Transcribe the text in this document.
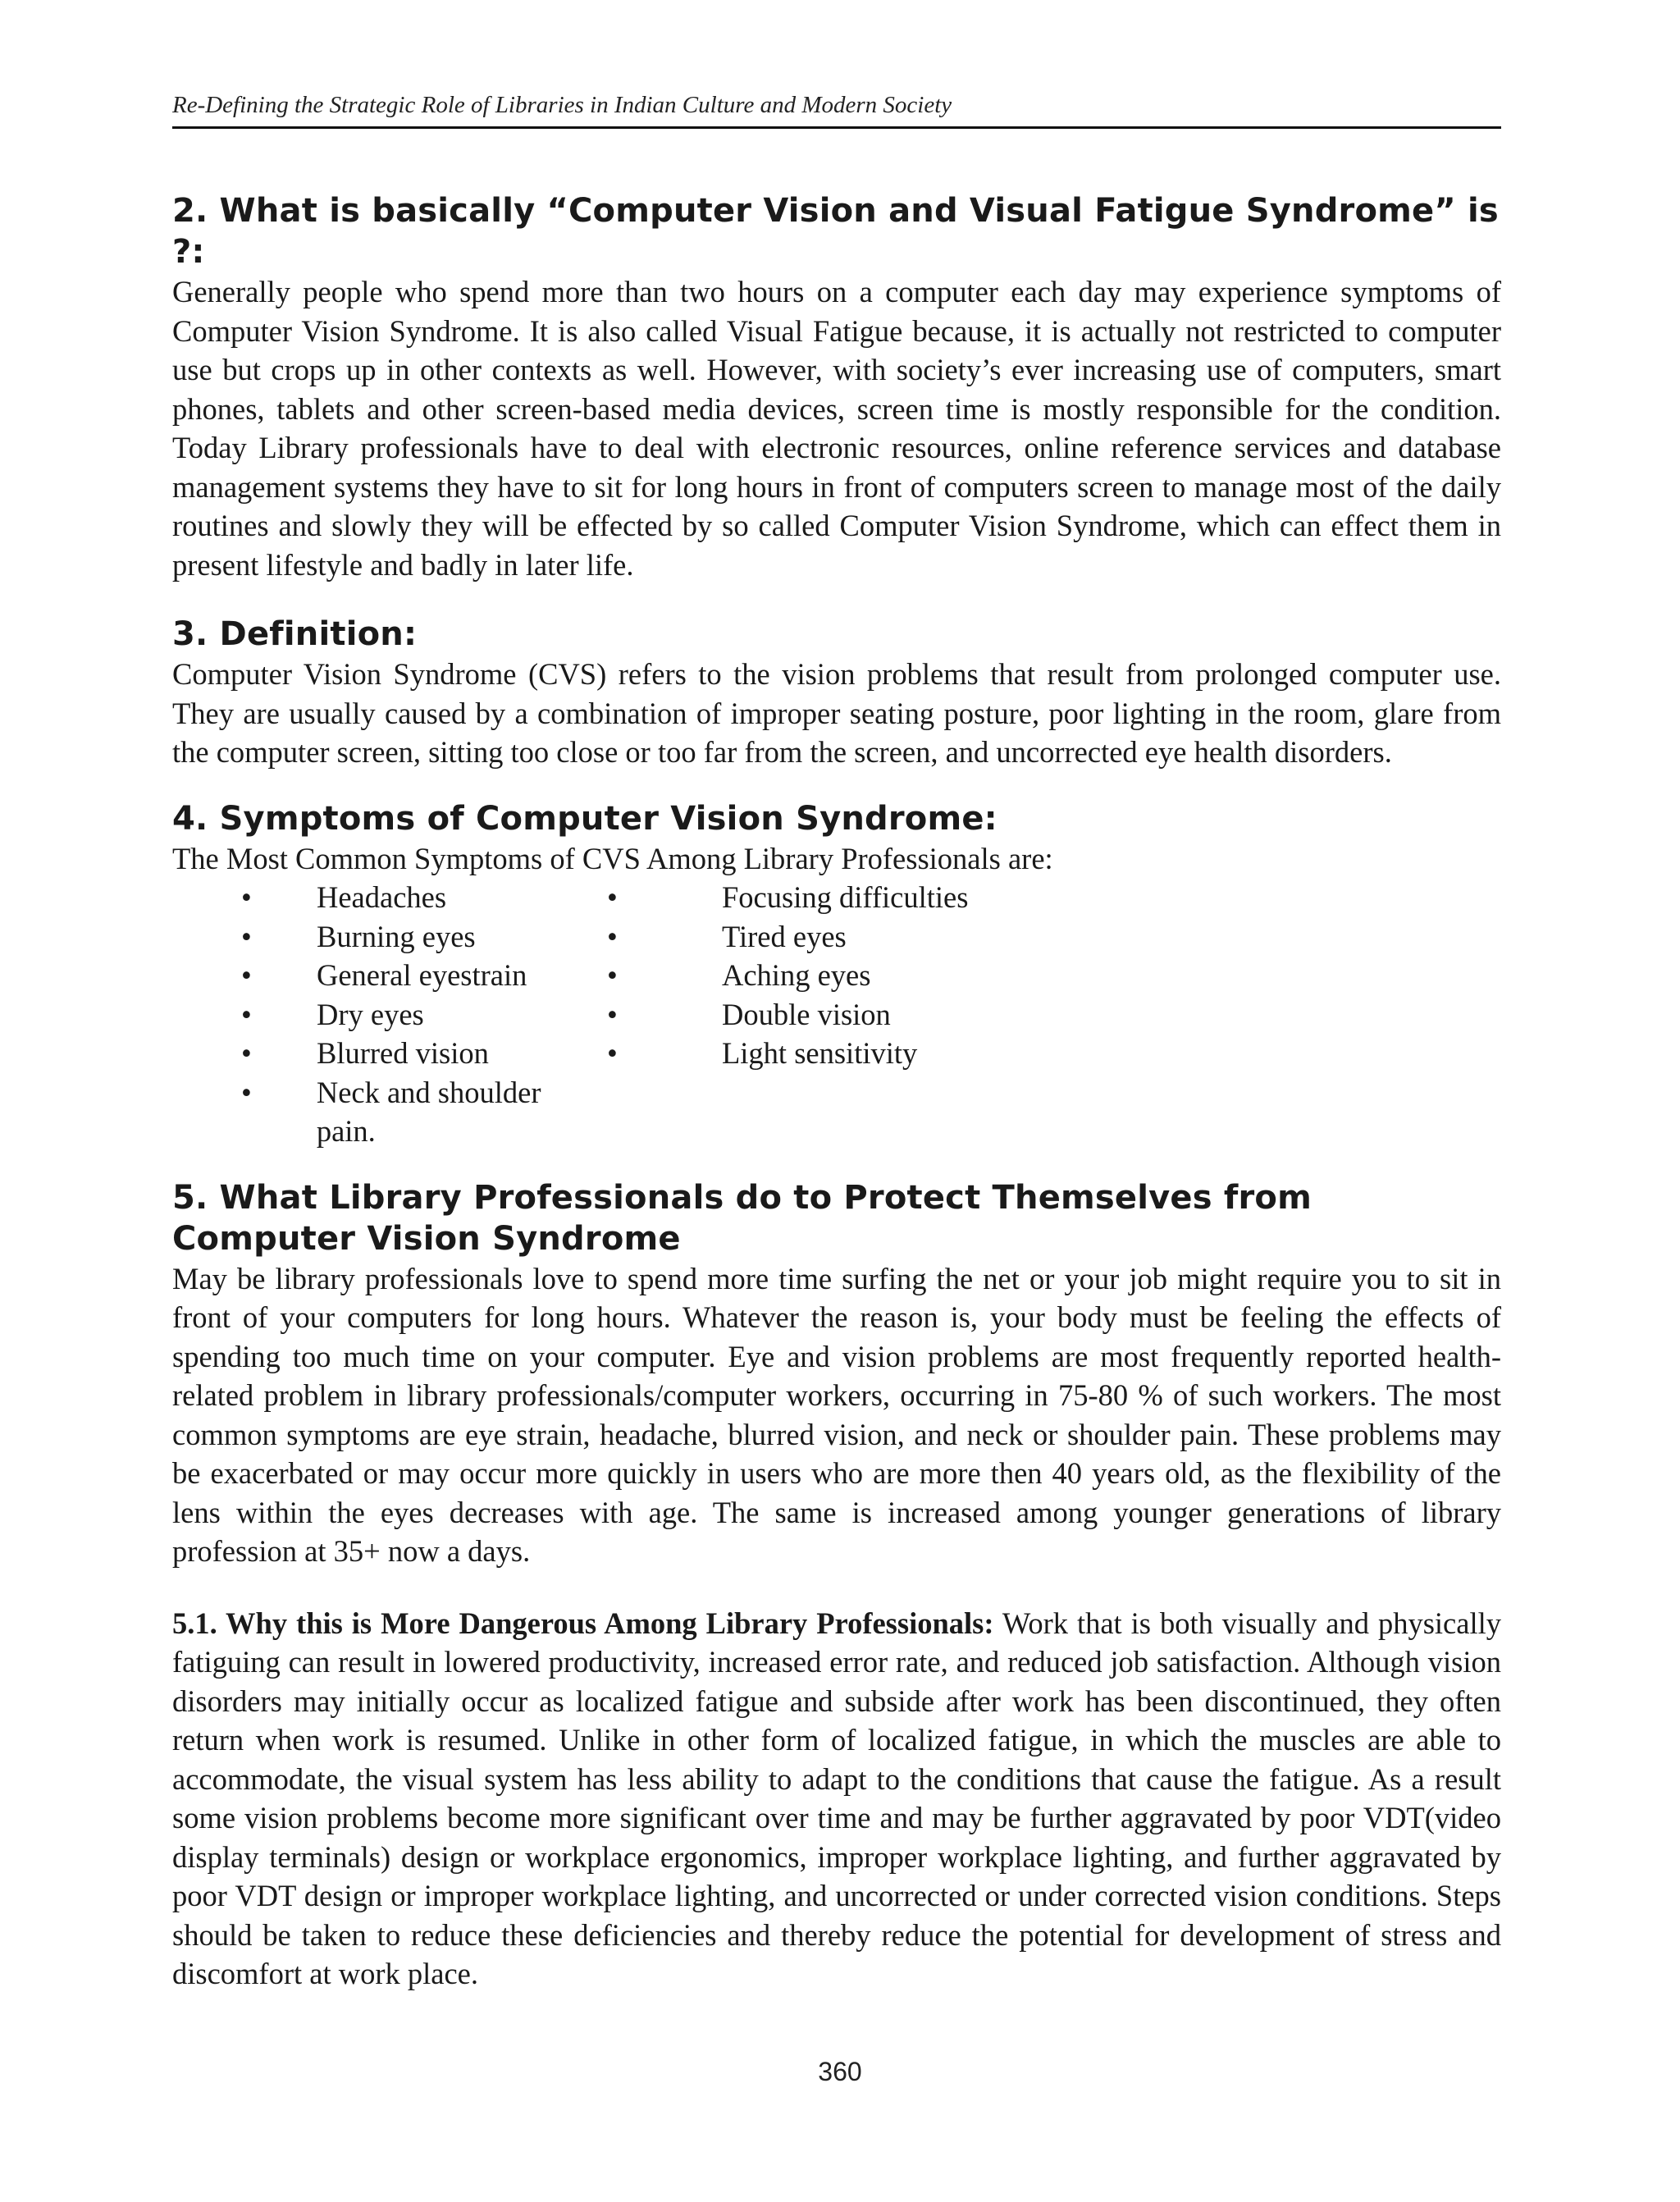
Re-Defining the Strategic Role of Libraries in Indian Culture and Modern Society
2. What is basically “Computer Vision and Visual Fatigue Syndrome” is ?:

Generally people who spend more than two hours on a computer each day may experience symptoms of Computer Vision Syndrome. It is also called Visual Fatigue because, it is actually not restricted to computer use but crops up in other contexts as well. However, with society’s ever increasing use of computers, smart phones, tablets and other screen-based media devices, screen time is mostly responsible for the condition. Today Library professionals have to deal with electronic resources, online reference services and database management systems they have to sit for long hours in front of computers screen to manage most of the daily routines and slowly they will be effected by so called Computer Vision Syndrome, which can effect them in present lifestyle and badly in later life.

3. Definition:

Computer Vision Syndrome (CVS) refers to the vision problems that result from prolonged computer use. They are usually caused by a combination of improper seating posture, poor lighting in the room, glare from the computer screen, sitting too close or too far from the screen, and uncorrected eye health disorders.

4. Symptoms of Computer Vision Syndrome:

The Most Common Symptoms of CVS Among Library Professionals are:

•	Headaches
•	Burning eyes
•	General eyestrain
•	Dry eyes
•	Blurred vision
•	Neck and shoulder pain.
•	Focusing difficulties
•	Tired eyes
•	Aching eyes
•	Double vision
•	Light sensitivity
5. What Library Professionals do to Protect Themselves from Computer Vision Syndrome

May be library professionals love to spend more time surfing the net or your job might require you to sit in front of your computers for long hours. Whatever the reason is, your body must be feeling the effects of spending too much time on your computer. Eye and vision problems are most frequently reported health-related problem in library professionals/computer workers, occurring in 75-80 % of such workers. The most common symptoms are eye strain, headache, blurred vision, and neck or shoulder pain. These problems may be exacerbated or may occur more quickly in users who are more then 40 years old, as the flexibility of the lens within the eyes decreases with age. The same is increased among younger generations of library profession at 35+ now a days.

5.1. Why this is More Dangerous Among Library Professionals: Work that is both visually and physically fatiguing can result in lowered productivity, increased error rate, and reduced job satisfaction. Although vision disorders may initially occur as localized fatigue and subside after work has been discontinued, they often return when work is resumed. Unlike in other form of localized fatigue, in which the muscles are able to accommodate, the visual system has less ability to adapt to the conditions that cause the fatigue. As a result some vision problems become more significant over time and may be further aggravated by poor VDT(video display terminals) design or workplace ergonomics, improper workplace lighting, and further aggravated by poor VDT design or improper workplace lighting, and uncorrected or under corrected vision conditions. Steps should be taken to reduce these deficiencies and thereby reduce the potential for development of stress and discomfort at work place.

360
